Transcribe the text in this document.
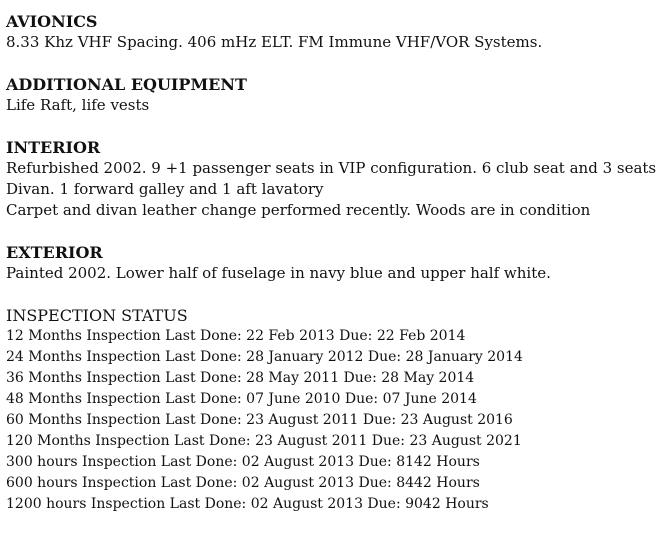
AVIONICS
8.33 Khz VHF Spacing. 406 mHz ELT. FM Immune VHF/VOR Systems.
ADDITIONAL EQUIPMENT
Life Raft, life vests
INTERIOR
Refurbished 2002. 9 +1 passenger seats in VIP configuration. 6 club seat and 3 seats
Divan. 1 forward galley and 1 aft lavatory
Carpet and divan leather change performed recently. Woods are in condition
EXTERIOR
Painted 2002. Lower half of fuselage in navy blue and upper half white.
INSPECTION STATUS
12 Months Inspection Last Done: 22 Feb 2013 Due: 22 Feb 2014
24 Months Inspection Last Done: 28 January 2012 Due: 28 January 2014
36 Months Inspection Last Done: 28 May 2011 Due: 28 May 2014
48 Months Inspection Last Done: 07 June 2010 Due: 07 June 2014
60 Months Inspection Last Done: 23 August 2011 Due: 23 August 2016
120 Months Inspection Last Done: 23 August 2011 Due: 23 August 2021
300 hours Inspection Last Done: 02 August 2013 Due: 8142 Hours
600 hours Inspection Last Done: 02 August 2013 Due: 8442 Hours
1200 hours Inspection Last Done: 02 August 2013 Due: 9042 Hours
